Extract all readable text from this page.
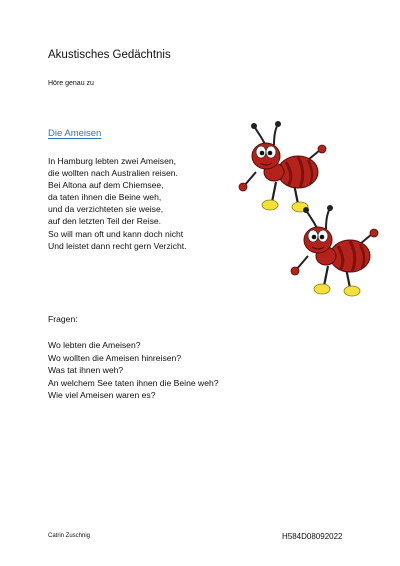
Akustisches Gedächtnis
Höre genau zu
Die Ameisen
In Hamburg lebten zwei Ameisen,
die wollten nach Australien reisen.
Bei Altona auf dem Chiemsee,
da taten ihnen die Beine weh,
und da verzichteten sie weise,
auf den letzten Teil der Reise.
So will man oft und kann doch nicht
Und leistet dann recht gern Verzicht.
Fragen:
Wo lebten die Ameisen?
Wo wollten die Ameisen hinreisen?
Was tat ihnen weh?
An welchem See taten ihnen die Beine weh?
Wie viel Ameisen waren es?
Catrin Zuschnig	H584D08092022
